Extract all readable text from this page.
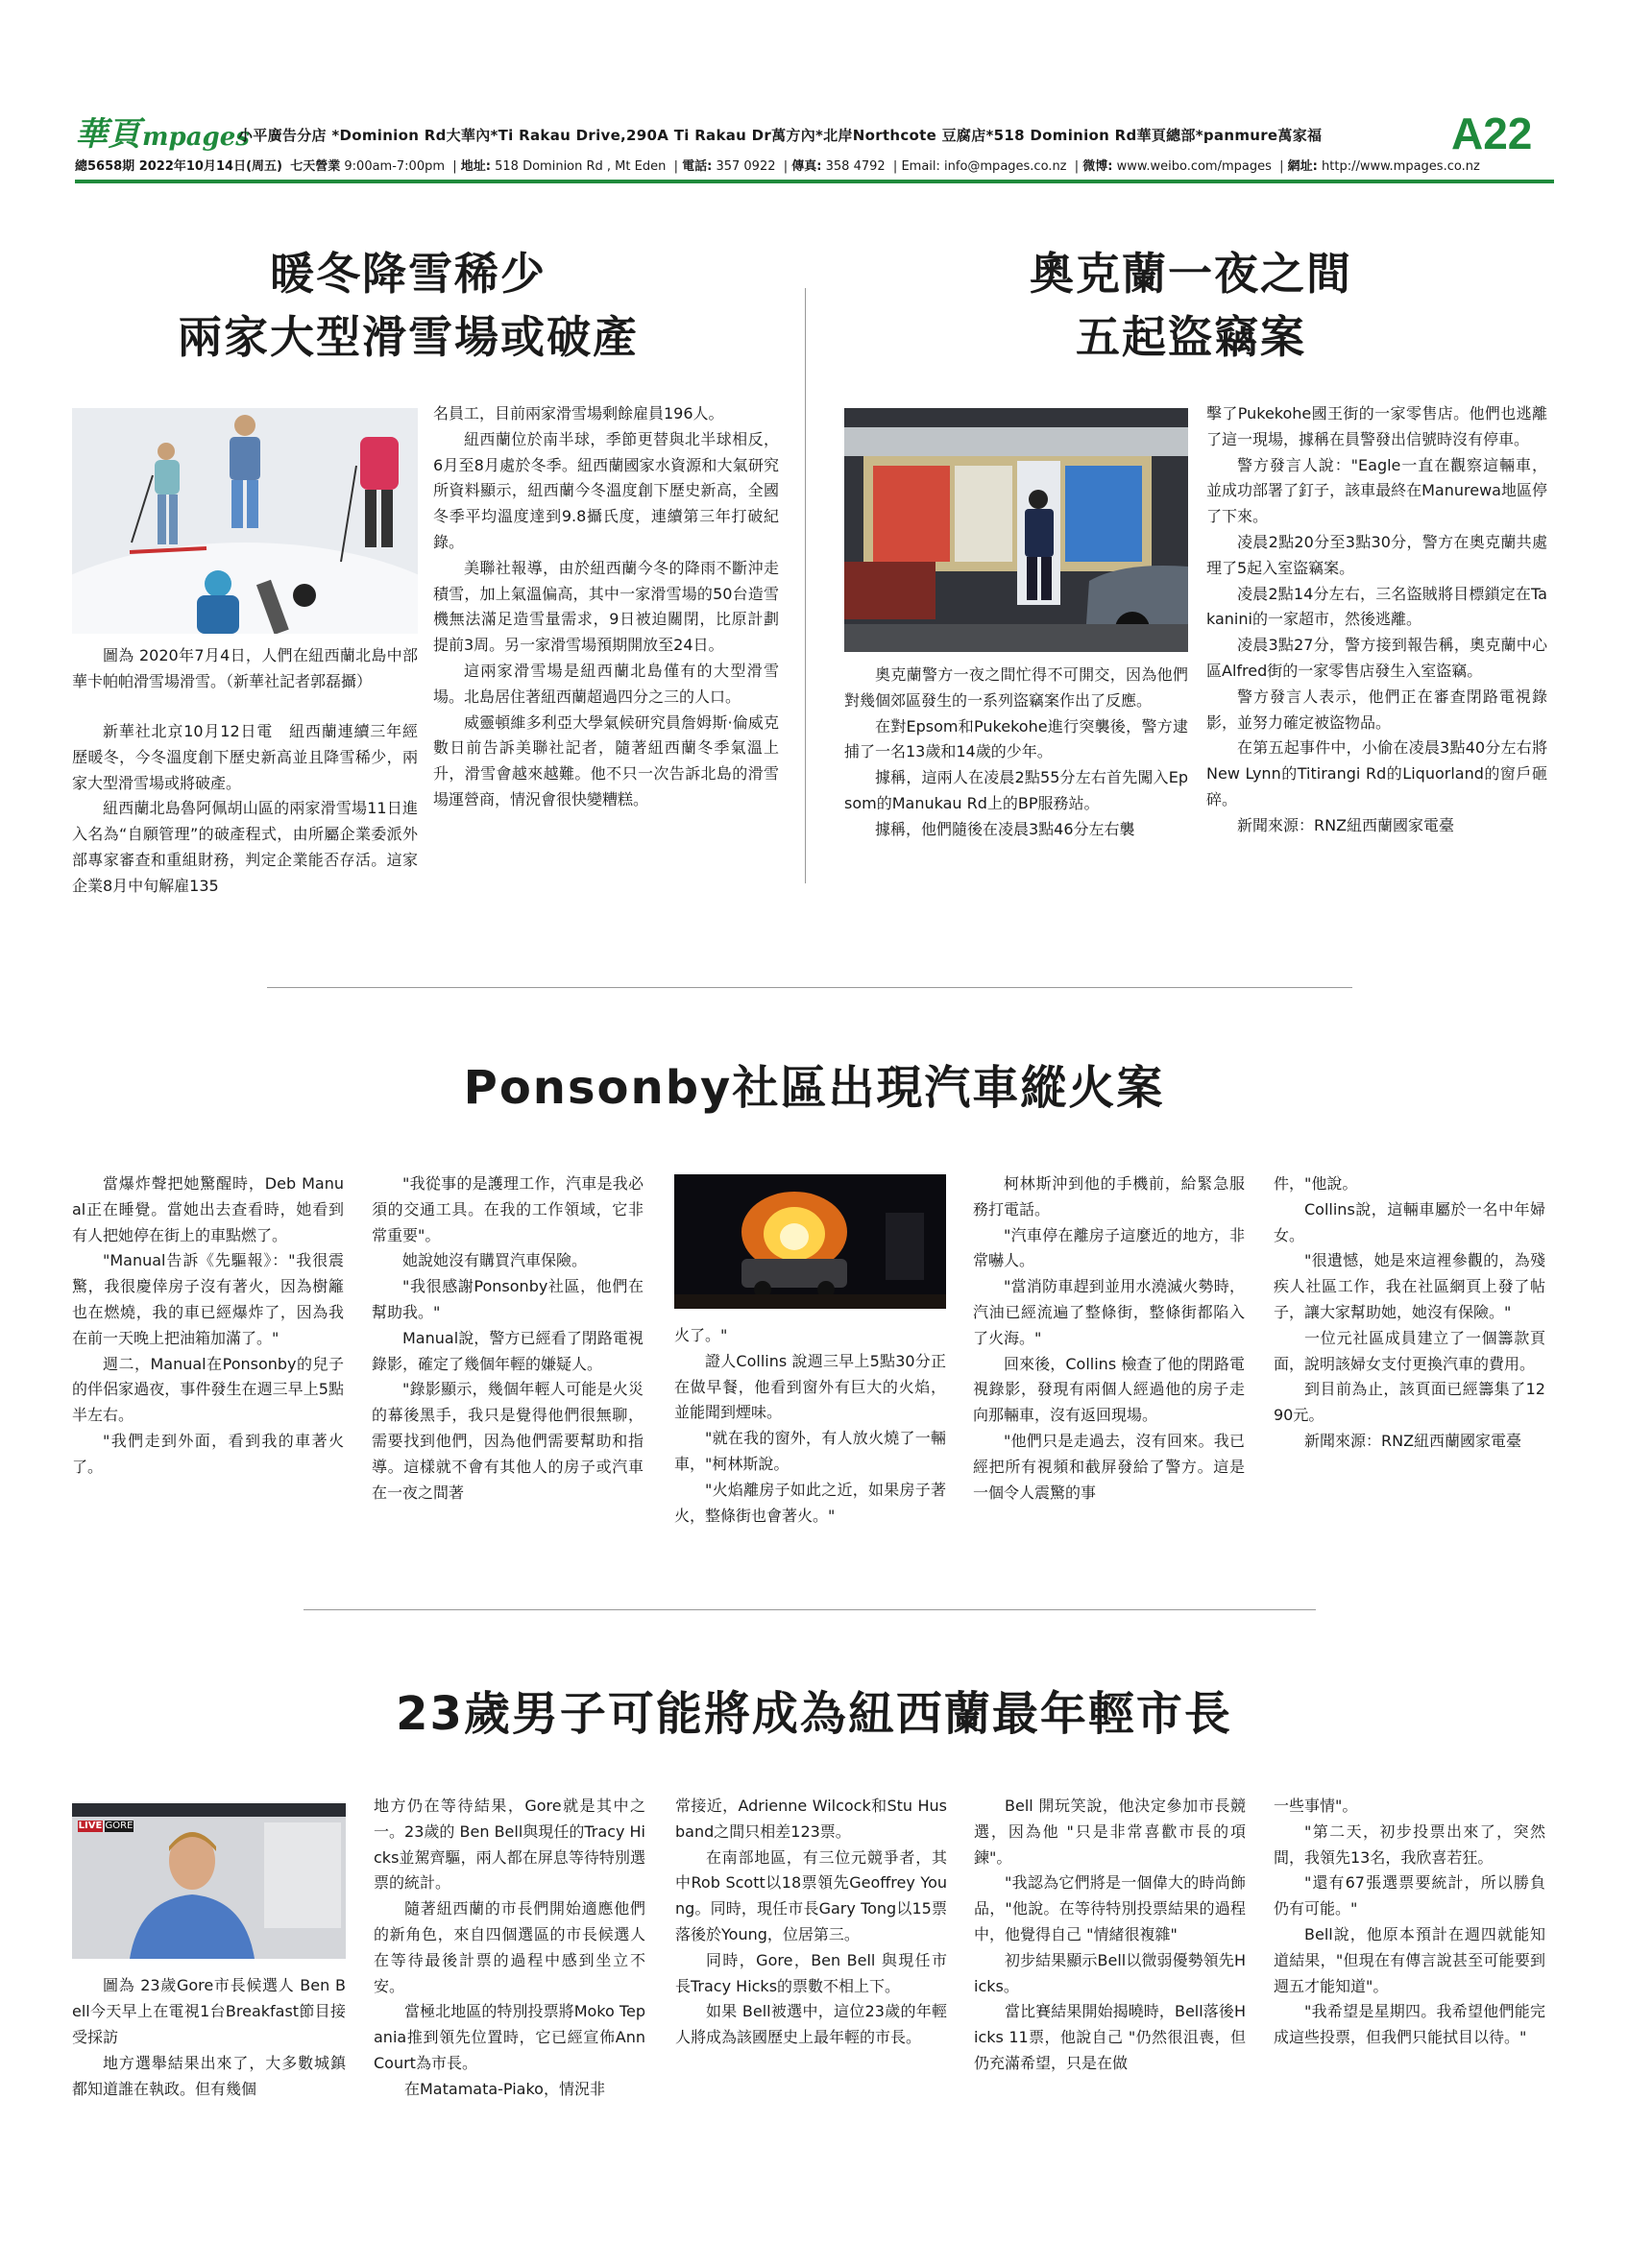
華頁mpages
小平廣告分店 *Dominion Rd大華內*Ti Rakau Drive,290A Ti Rakau Dr萬方內*北岸Northcote 豆腐店*518 Dominion Rd華頁總部*panmure萬家福	A22
總5658期 2022年10月14日(周五) 七天營業 9:00am-7:00pm  | 地址: 518 Dominion Rd , Mt Eden  | 電話: 357 0922  | 傳真: 358 4792  | Email: info@mpages.co.nz  | 微博: www.weibo.com/mpages  | 網址: http://www.mpages.co.nz
暖冬降雪稀少
兩家大型滑雪場或破產

圖為 2020年7月4日，人們在紐西蘭北島中部華卡帕帕滑雪場滑雪。（新華社記者郭磊攝）

新華社北京10月12日電　紐西蘭連續三年經歷暖冬，今冬溫度創下歷史新高並且降雪稀少，兩家大型滑雪場或將破產。

紐西蘭北島魯阿佩胡山區的兩家滑雪場11日進入名為“自願管理”的破產程式，由所屬企業委派外部專家審查和重組財務，判定企業能否存活。這家企業8月中旬解雇135

名員工，目前兩家滑雪場剩餘雇員196人。

紐西蘭位於南半球，季節更替與北半球相反，6月至8月處於冬季。紐西蘭國家水資源和大氣研究所資料顯示，紐西蘭今冬溫度創下歷史新高，全國冬季平均溫度達到9.8攝氏度，連續第三年打破紀錄。

美聯社報導，由於紐西蘭今冬的降雨不斷沖走積雪，加上氣溫偏高，其中一家滑雪場的50台造雪機無法滿足造雪量需求，9日被迫關閉，比原計劃提前3周。另一家滑雪場預期開放至24日。

這兩家滑雪場是紐西蘭北島僅有的大型滑雪場。北島居住著紐西蘭超過四分之三的人口。

威靈頓維多利亞大學氣候研究員詹姆斯·倫威克數日前告訴美聯社記者，隨著紐西蘭冬季氣溫上升，滑雪會越來越難。他不只一次告訴北島的滑雪場運營商，情況會很快變糟糕。

奧克蘭一夜之間
五起盜竊案

奧克蘭警方一夜之間忙得不可開交，因為他們對幾個郊區發生的一系列盜竊案作出了反應。

在對Epsom和Pukekohe進行突襲後，警方逮捕了一名13歲和14歲的少年。

據稱，這兩人在凌晨2點55分左右首先闖入Epsom的Manukau Rd上的BP服務站。

據稱，他們隨後在凌晨3點46分左右襲

擊了Pukekohe國王街的一家零售店。他們也逃離了這一現場，據稱在員警發出信號時沒有停車。

警方發言人說："Eagle一直在觀察這輛車，並成功部署了釘子，該車最終在Manurewa地區停了下來。

凌晨2點20分至3點30分，警方在奧克蘭共處理了5起入室盜竊案。

凌晨2點14分左右，三名盜賊將目標鎖定在Takanini的一家超市，然後逃離。

凌晨3點27分，警方接到報告稱，奧克蘭中心區Alfred街的一家零售店發生入室盜竊。

警方發言人表示，他們正在審查閉路電視錄影，並努力確定被盜物品。

在第五起事件中，小偷在凌晨3點40分左右將New Lynn的Titirangi Rd的Liquorland的窗戶砸碎。

新聞來源：RNZ紐西蘭國家電臺

Ponsonby社區出現汽車縱火案

當爆炸聲把她驚醒時，Deb Manual正在睡覺。當她出去查看時，她看到有人把她停在街上的車點燃了。

"Manual告訴《先驅報》："我很震驚，我很慶倖房子沒有著火，因為樹籬也在燃燒，我的車已經爆炸了，因為我在前一天晚上把油箱加滿了。"

週二，Manual在Ponsonby的兒子的伴侶家過夜，事件發生在週三早上5點半左右。

"我們走到外面，看到我的車著火了。

"我從事的是護理工作，汽車是我必須的交通工具。在我的工作領域，它非常重要"。

她說她沒有購買汽車保險。

"我很感謝Ponsonby社區，他們在幫助我。"

Manual說，警方已經看了閉路電視錄影，確定了幾個年輕的嫌疑人。

"錄影顯示，幾個年輕人可能是火災的幕後黑手，我只是覺得他們很無聊，需要找到他們，因為他們需要幫助和指導。這樣就不會有其他人的房子或汽車在一夜之間著

火了。"

證人Collins 說週三早上5點30分正在做早餐，他看到窗外有巨大的火焰，並能聞到煙味。

"就在我的窗外，有人放火燒了一輛車，"柯林斯說。

"火焰離房子如此之近，如果房子著火，整條街也會著火。"

柯林斯沖到他的手機前，給緊急服務打電話。

"汽車停在離房子這麼近的地方，非常嚇人。

"當消防車趕到並用水澆滅火勢時，汽油已經流遍了整條街，整條街都陷入了火海。"

回來後，Collins 檢查了他的閉路電視錄影，發現有兩個人經過他的房子走向那輛車，沒有返回現場。

"他們只是走過去，沒有回來。我已經把所有視頻和截屏發給了警方。這是一個令人震驚的事

件，"他說。

Collins說，這輛車屬於一名中年婦女。

"很遺憾，她是來這裡參觀的，為殘疾人社區工作，我在社區網頁上發了帖子，讓大家幫助她，她沒有保險。"

一位元社區成員建立了一個籌款頁面，說明該婦女支付更換汽車的費用。

到目前為止，該頁面已經籌集了1290元。

新聞來源：RNZ紐西蘭國家電臺

23歲男子可能將成為紐西蘭最年輕市長
LIVE GORE

圖為 23歲Gore市長候選人 Ben Bell今天早上在電視1台Breakfast節目接受採訪

地方選舉結果出來了，大多數城鎮都知道誰在執政。但有幾個

地方仍在等待結果，Gore就是其中之一。23歲的 Ben Bell與現任的Tracy Hicks並駕齊驅，兩人都在屏息等待特別選票的統計。

隨著紐西蘭的市長們開始適應他們的新角色，來自四個選區的市長候選人在等待最後計票的過程中感到坐立不安。

當極北地區的特別投票將Moko Tepania推到領先位置時，它已經宣佈Ann Court為市長。

在Matamata-Piako，情況非

常接近，Adrienne Wilcock和Stu Husband之間只相差123票。

在南部地區，有三位元競爭者，其中Rob Scott以18票領先Geoffrey Young。同時，現任市長Gary Tong以15票落後於Young，位居第三。

同時，Gore，Ben Bell 與現任市長Tracy Hicks的票數不相上下。

如果 Bell被選中，這位23歲的年輕人將成為該國歷史上最年輕的市長。

Bell 開玩笑說，他決定參加市長競選，因為他 "只是非常喜歡市長的項鍊"。

"我認為它們將是一個偉大的時尚飾品，"他說。在等待特別投票結果的過程中，他覺得自己 "情緒很複雜"

初步結果顯示Bell以微弱優勢領先Hicks。

當比賽結果開始揭曉時，Bell落後Hicks 11票，他說自己 "仍然很沮喪，但仍充滿希望，只是在做

一些事情"。

"第二天，初步投票出來了，突然間，我領先13名，我欣喜若狂。

"還有67張選票要統計，所以勝負仍有可能。"

Bell說，他原本預計在週四就能知道結果，"但現在有傳言說甚至可能要到週五才能知道"。

"我希望是星期四。我希望他們能完成這些投票，但我們只能拭目以待。"
